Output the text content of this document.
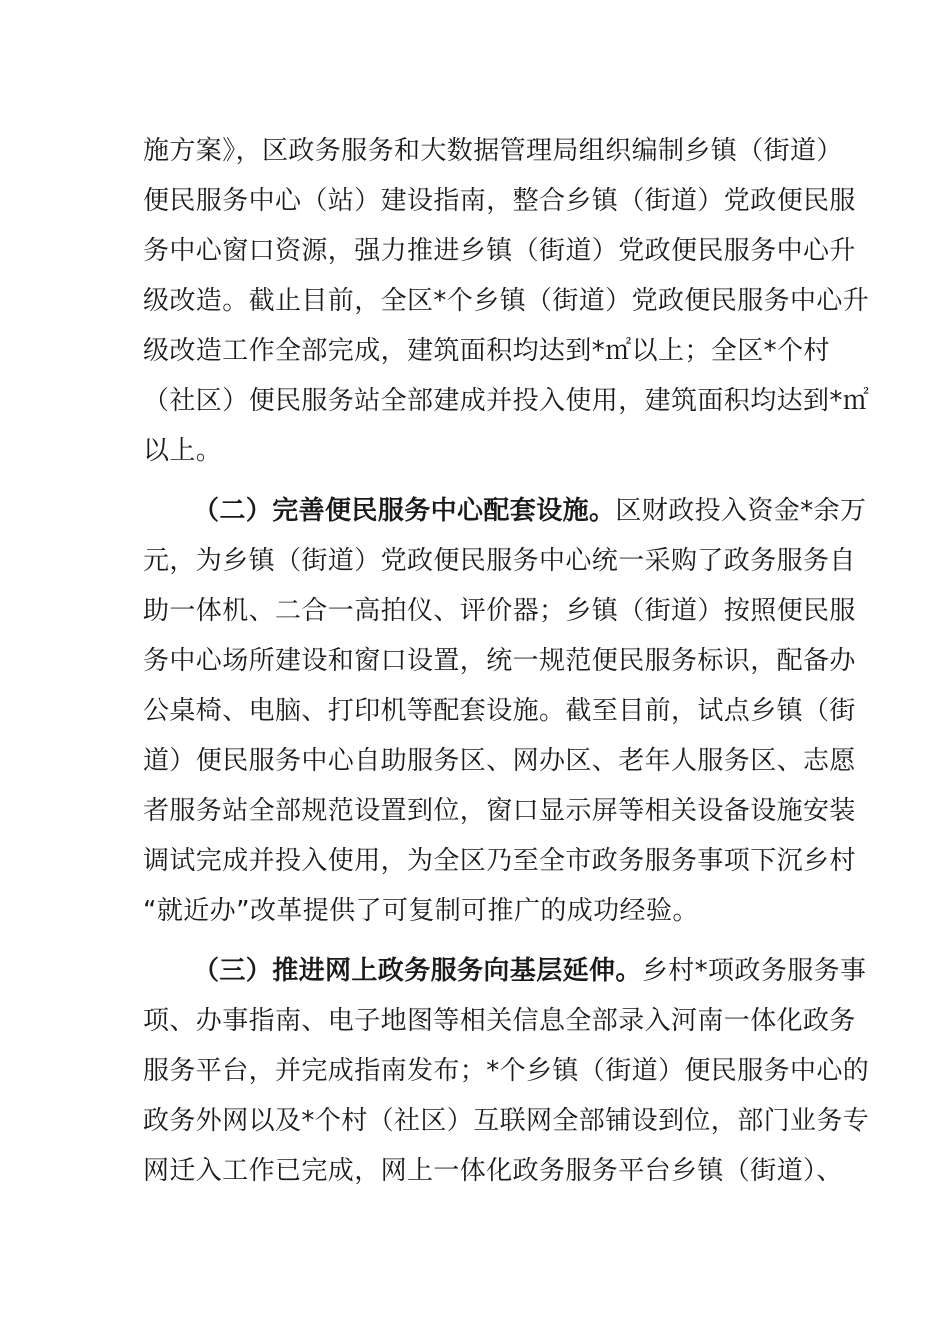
施方案》，区政务服务和大数据管理局组织编制乡镇（街道）
便民服务中心（站）建设指南，整合乡镇（街道）党政便民服
务中心窗口资源，强力推进乡镇（街道）党政便民服务中心升
级改造。截止目前，全区*个乡镇（街道）党政便民服务中心升
级改造工作全部完成，建筑面积均达到*㎡以上；全区*个村
（社区）便民服务站全部建成并投入使用，建筑面积均达到*㎡
以上。
（二）完善便民服务中心配套设施。区财政投入资金*余万
元，为乡镇（街道）党政便民服务中心统一采购了政务服务自
助一体机、二合一高拍仪、评价器；乡镇（街道）按照便民服
务中心场所建设和窗口设置，统一规范便民服务标识，配备办
公桌椅、电脑、打印机等配套设施。截至目前，试点乡镇（街
道）便民服务中心自助服务区、网办区、老年人服务区、志愿
者服务站全部规范设置到位，窗口显示屏等相关设备设施安装
调试完成并投入使用，为全区乃至全市政务服务事项下沉乡村
“就近办”改革提供了可复制可推广的成功经验。
（三）推进网上政务服务向基层延伸。乡村*项政务服务事
项、办事指南、电子地图等相关信息全部录入河南一体化政务
服务平台，并完成指南发布；*个乡镇（街道）便民服务中心的
政务外网以及*个村（社区）互联网全部铺设到位，部门业务专
网迁入工作已完成，网上一体化政务服务平台乡镇（街道）、
